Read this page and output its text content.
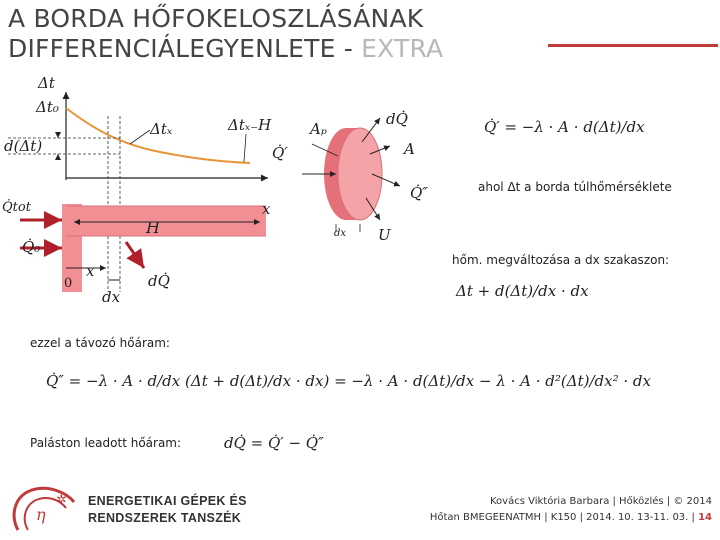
A BORDA HŐFOKELOSZLÁSÁNAK
DIFFERENCIÁLEGYENLETE - EXTRA
Δt
Δt₀
d(Δt)
Δtₓ	Δtₓ₋H
x
Q̇tot
Q̇₀
H
x
0
dx
dQ̇
Q̇′
Aₚ
dQ̇
A
Q̇″
dx U
Q̇′ = −λ · A · d(Δt)/dx
ahol Δt a borda túlhőmérséklete
hőm. megváltozása a dx szakaszon:
Δt + d(Δt)/dx · dx
ezzel a távozó hőáram:
Q̇″ = −λ · A · d/dx (Δt + d(Δt)/dx · dx) = −λ · A · d(Δt)/dx − λ · A · d²(Δt)/dx² · dx
Paláston leadott hőáram:	dQ̇ = Q̇′ − Q̇″
η
✲ ENERGETIKAI GÉPEK ÉS
RENDSZEREK TANSZÉK
Kovács Viktória Barbara | Hőközlés | © 2014
Hőtan BMEGEENATMH | K150 | 2014. 10. 13-11. 03. | 14
